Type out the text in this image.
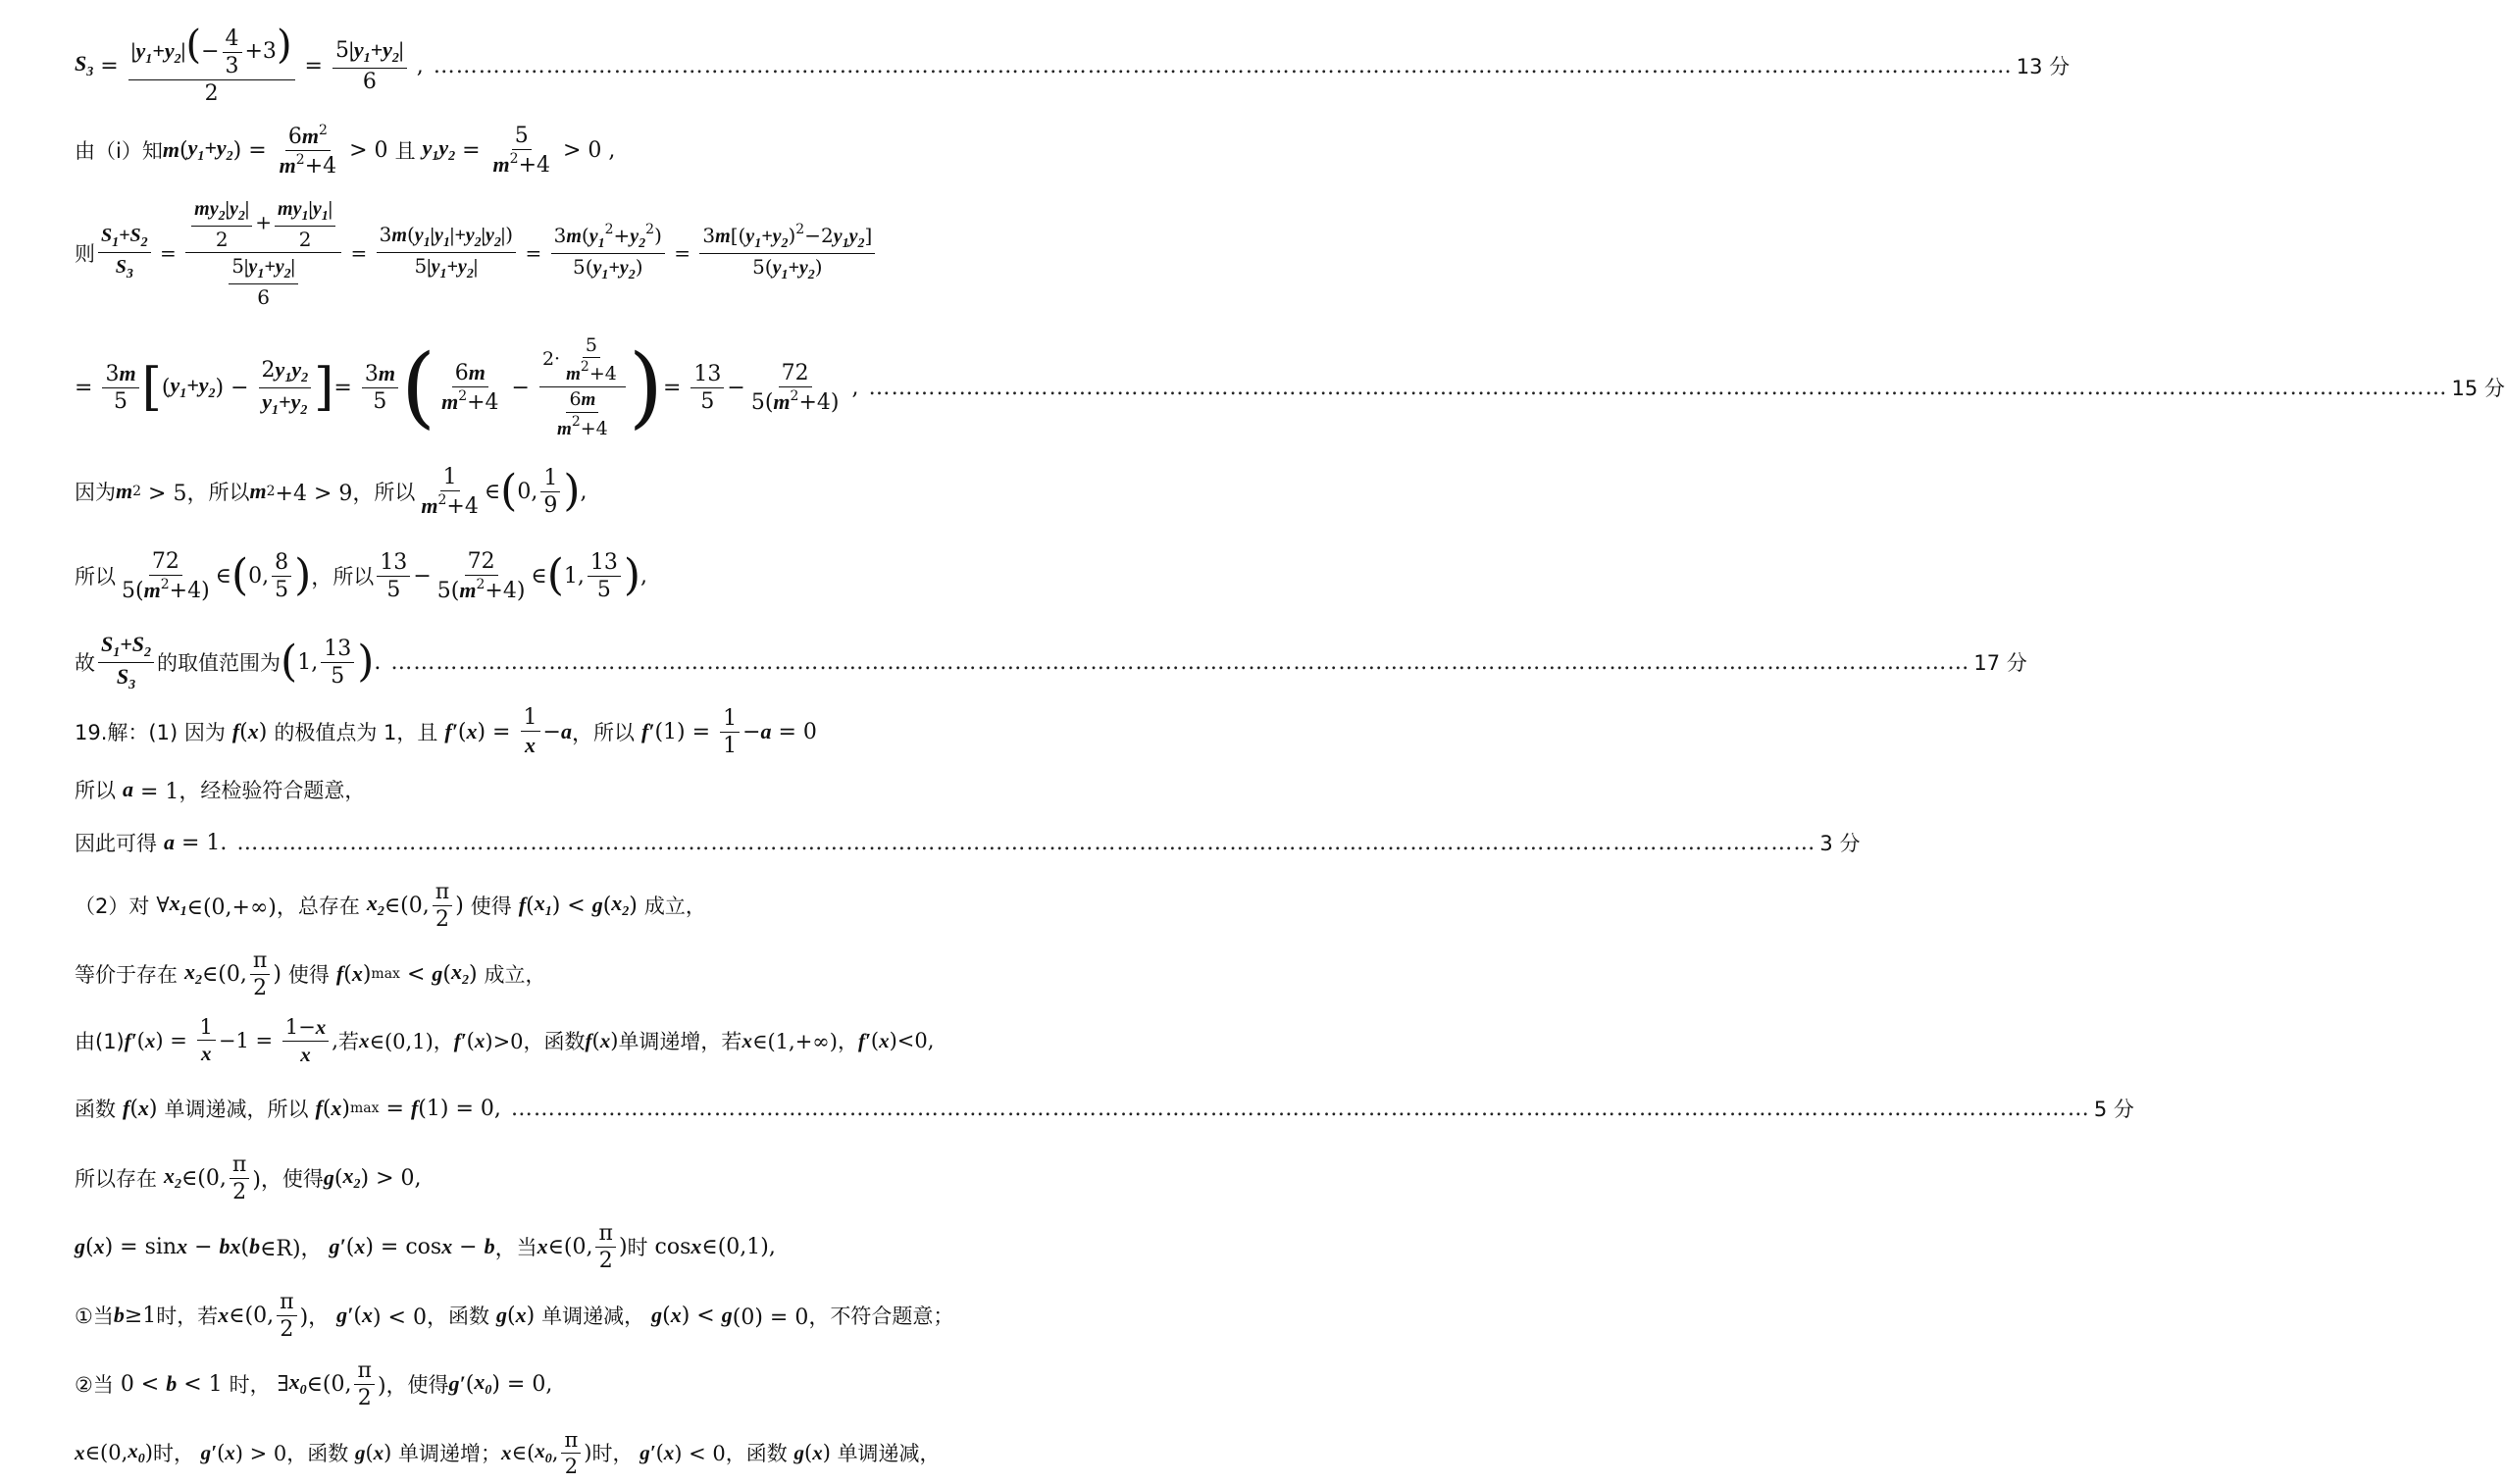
$S_3 = \frac{|y_1+y_2|(- \frac{4}{3} +3)}{2} = \frac{5|y_1+y_2|}{6}$ , ………………………………………………………………………………………………………………………………………………………………………………………… 13 分
由（i）知 m ( $y_1+y_2$ ) = $\frac{6m^2}{m^2+4} > 0$ 且
$y_1y_2 = \frac{5}{m^2+4} > 0$ ,
则 $\frac{S_1+S_2}{S_3} = \frac{\frac{my_2|y_2|}{2} + \frac{my_1|y_1|}{2}}{\frac{5|y_1+y_2|}{6}} = \frac{3m(y_1|y_1|+y_2|y_2|)}{5|y_1+y_2|} = \frac{3m(y_1^2+y_2^2)}{5(y_1+y_2)} = \frac{3m[(y_1+y_2)^2-2y_1y_2]}{5(y_1+y_2)}$
= $\frac{3m}{5}$ [ ( $y_1+y_2$ ) − $\frac{2y_1y_2}{y_1+y_2}$ ] = $\frac{3m}{5}$ ( $\frac{6m}{m^2+4} - \frac{2\cdot \frac{5}{m^2+4}}{\frac{6m}{m^2+4}}$ ) = $\frac{13}{5} - \frac{72}{5(m^2+4)}$ , ………………………………………………………………………………………………………………………………………………………………………………………… 15 分
因为 m 2 > 5， 所以 m 2 +4 > 9， 所以 $\frac{1}{m^2+4}$ ∈ ( 0, $\frac{1}{9}$ ) ,
所以 $\frac{72}{5(m^2+4)}$ ∈ ( 0, $\frac{8}{5}$ ) ， 所以 $\frac{13}{5} - \frac{72}{5(m^2+4)}$ ∈ ( 1, $\frac{13}{5}$ ) ,
故 $\frac{S_1+S_2}{S_3}$ 的取值范围为 ( 1, $\frac{13}{5}$ ) . ………………………………………………………………………………………………………………………………………………………………………………………… 17 分
19.解：(1) 因为
f ( x ) 的极值点为 1，且
f′ ( x ) = $\frac{1}{x} - a$ ， 所以
f′ $(1) = \frac{1}{1} - a = 0$
所以
a = 1， 经检验符合题意，
因此可得
a = 1. ………………………………………………………………………………………………………………………………………………………………………………………… 3 分
（2）对 ∀ $x_1$ ∈(0,+∞)， 总存在
$x_2$ ∈(0, $\frac{\pi}{2}$ ) 使得
f ( $x_1$ ) < g ( $x_2$ ) 成立，
等价于存在
$x_2$ ∈(0, $\frac{\pi}{2}$ ) 使得
f ( x ) max < g ( $x_2$ ) 成立，
由(1) f′ ( x ) = $\frac{1}{x} -1 = \frac{1-x}{x}$ , 若 x ∈(0,1)， f′ ( x )>0， 函数 f ( x ) 单调递增，若 x ∈(1,+∞)， f′ ( x )<0,
函数
f ( x ) 单调递减，所以
f ( x ) max = f (1) = 0, ………………………………………………………………………………………………………………………………………………………………………………………… 5 分
所以存在
$x_2$ ∈(0, $\frac{\pi}{2}$ )， 使得 g ( $x_2$ ) > 0,
g ( x ) = sin x − bx ( b ∈R)， g′ ( x ) = cos x − b ， 当 x ∈(0, $\frac{\pi}{2}$ ) 时 cos x ∈(0,1),
①当 b ≥1 时，若 x ∈(0, $\frac{\pi}{2}$ )， g′ ( x ) < 0， 函数
g ( x ) 单调递减，
g ( x ) < g (0) = 0， 不符合题意；
②当 0 < b < 1 时， ∃ $x_0$ ∈(0, $\frac{\pi}{2}$ )， 使得 g′ ( $x_0$ ) = 0,
x ∈(0, $x_0$ ) 时，
g′ ( x ) > 0， 函数
g ( x ) 单调递增； x ∈( $x_0$ , $\frac{\pi}{2}$ ) 时，
g′ ( x ) < 0， 函数
g ( x ) 单调递减，
